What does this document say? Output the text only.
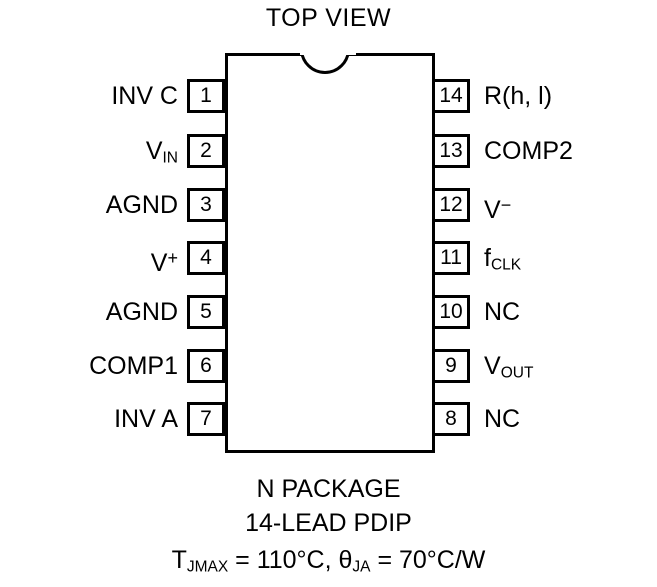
TOP VIEW
1
INV C
2
$V_{IN}$
3
AGND
4
V+
5
AGND
6
COMP1
7
INV A
14 R(h, l)
13 COMP2
12 V−
11 $f_{CLK}$
10 NC
9	$V_{OUT}$
8	NC
N PACKAGE
14-LEAD PDIP
$T_{JMAX} = 110^\circ C$, $\theta_{JA} = 70^\circ C/W$
